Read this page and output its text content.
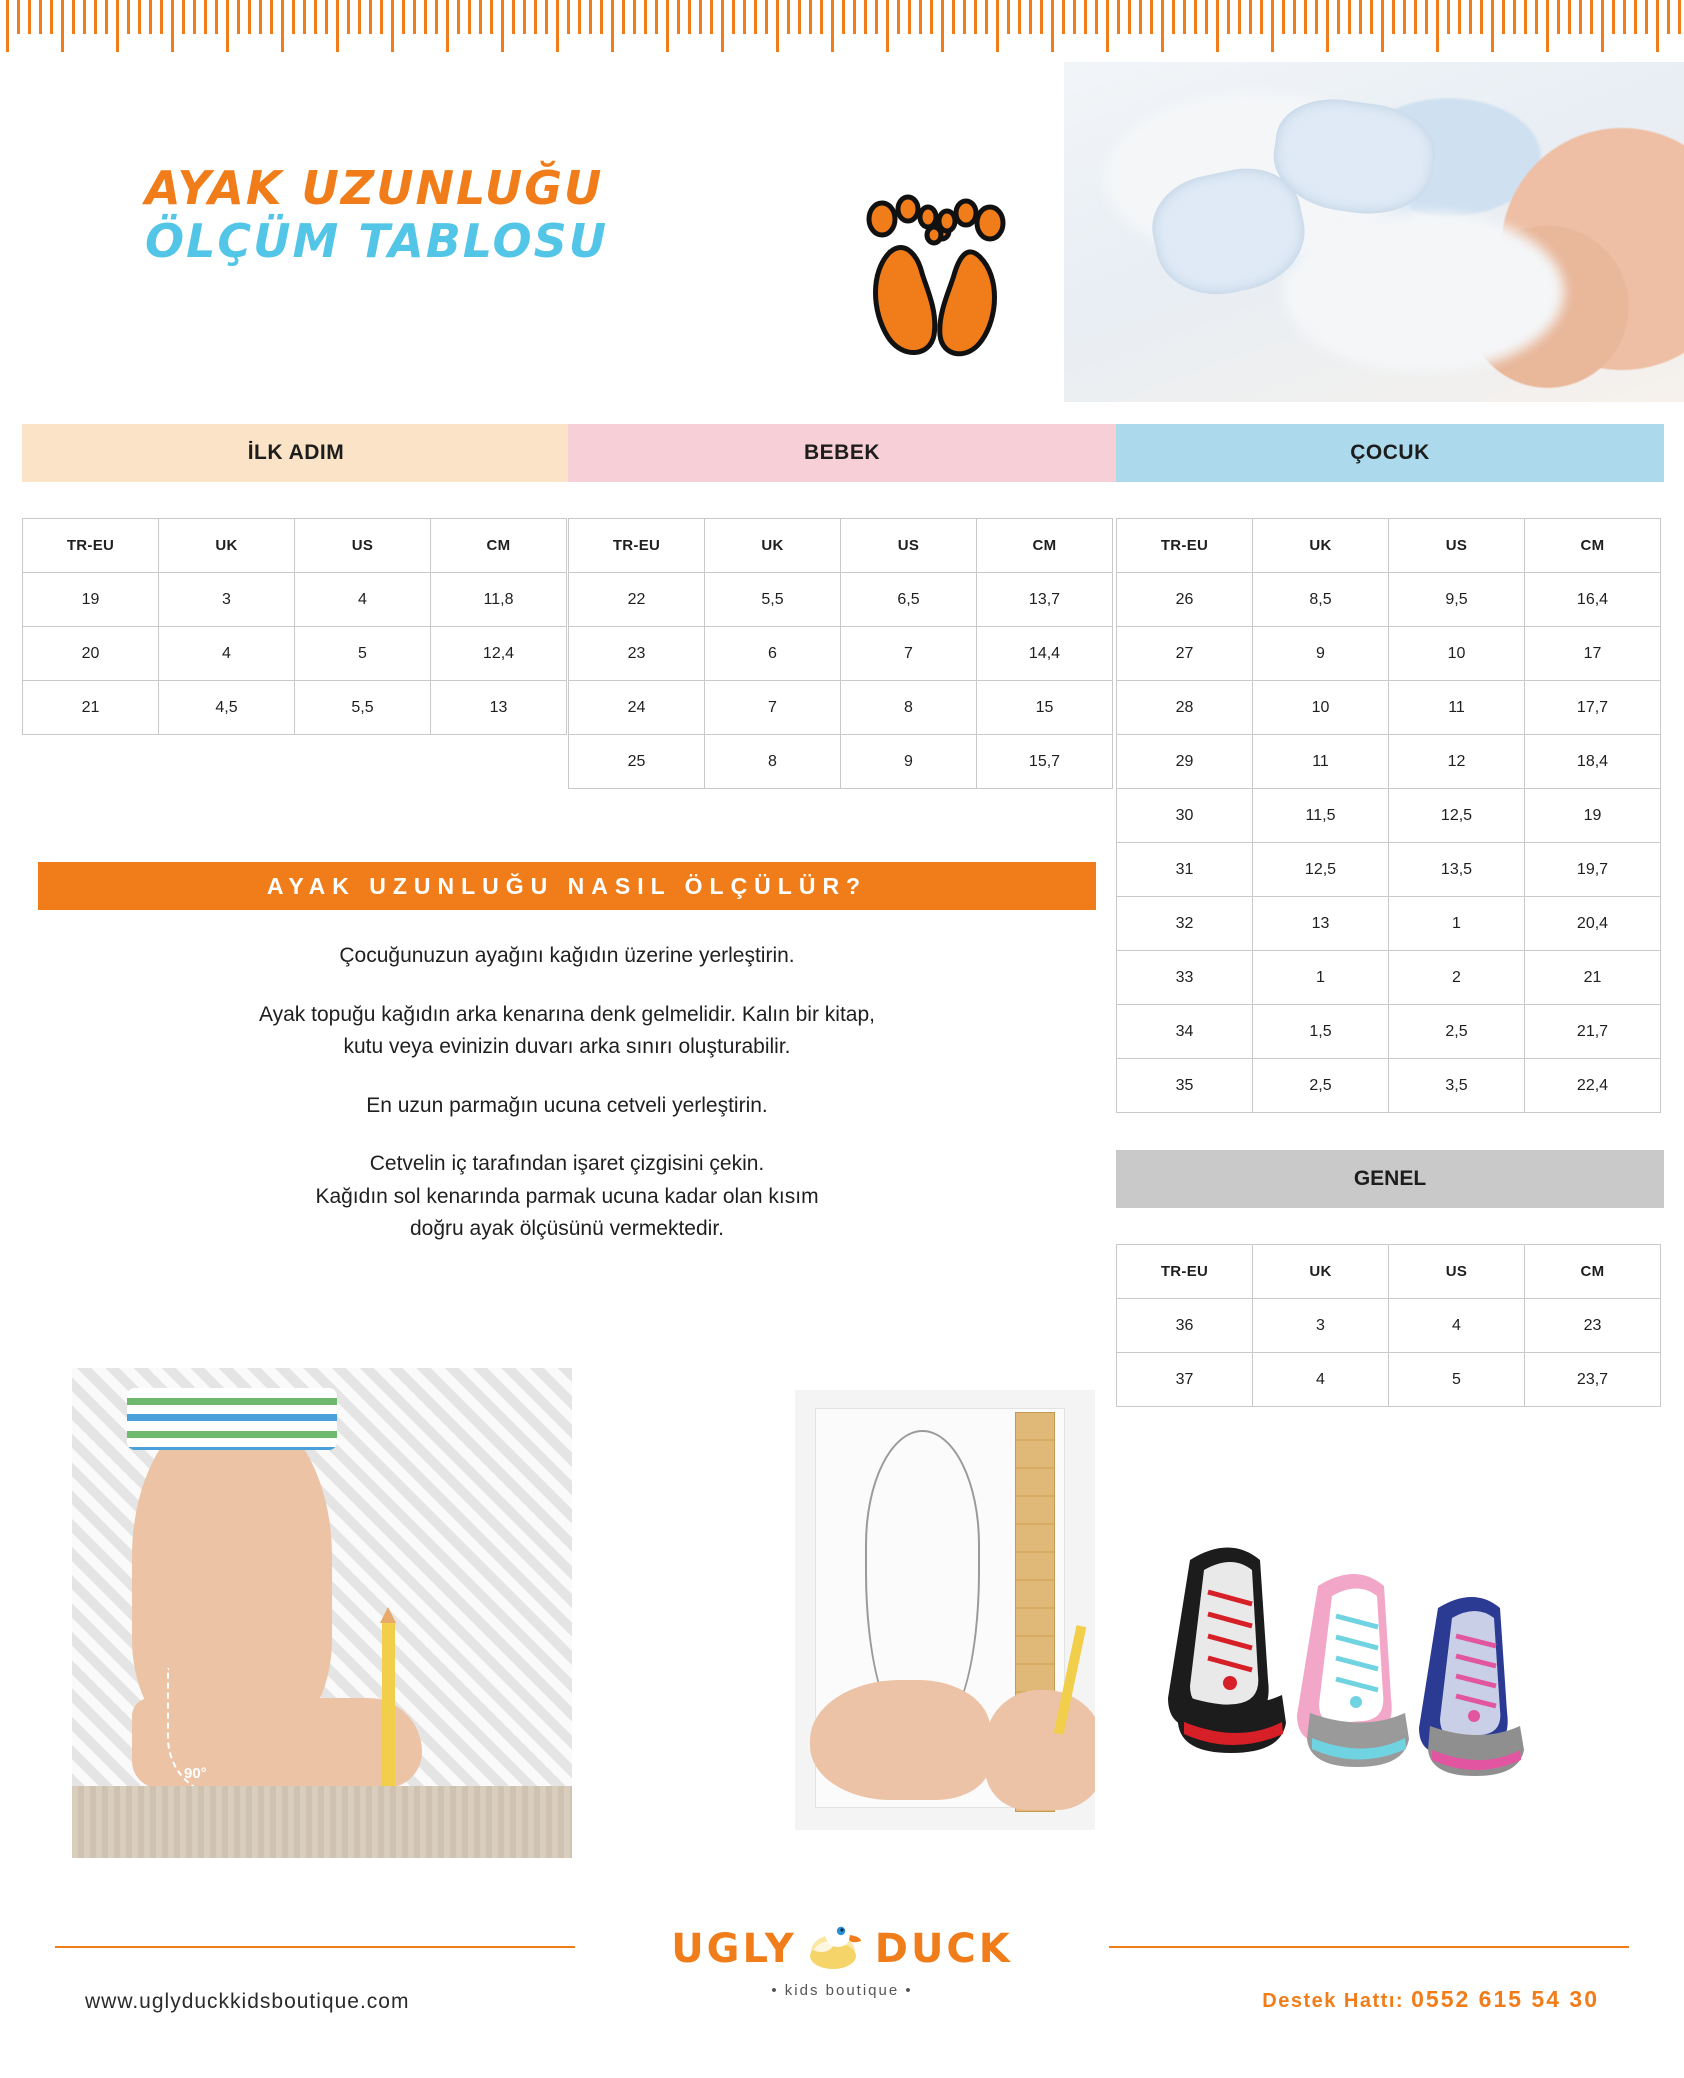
AYAK UZUNLUĞU
ÖLÇÜM TABLOSU
İLK ADIM	BEBEK	ÇOCUK
TR-EU	UK	US	CM
19	3	4	11,8
20	4	5	12,4
21	4,5	5,5	13
TR-EU	UK	US	CM
22	5,5	6,5	13,7
23	6	7	14,4
24	7	8	15
25	8	9	15,7
TR-EU	UK	US	CM
26	8,5	9,5	16,4
27	9	10	17
28	10	11	17,7
29	11	12	18,4
30	11,5	12,5	19
31	12,5	13,5	19,7
32	13	1	20,4
33	1	2	21
34	1,5	2,5	21,7
35	2,5	3,5	22,4
GENEL
TR-EU	UK	US	CM
36	3	4	23
37	4	5	23,7
AYAK UZUNLUĞU NASIL ÖLÇÜLÜR?

Çocuğunuzun ayağını kağıdın üzerine yerleştirin.

Ayak topuğu kağıdın arka kenarına denk gelmelidir. Kalın bir kitap,
kutu veya evinizin duvarı arka sınırı oluşturabilir.

En uzun parmağın ucuna cetveli yerleştirin.

Cetvelin iç tarafından işaret çizgisini çekin.
Kağıdın sol kenarında parmak ucuna kadar olan kısım
doğru ayak ölçüsünü vermektedir.

90°
UGLY DUCK
• kids boutique •
www.uglyduckkidsboutique.com	Destek Hattı: 0552 615 54 30
